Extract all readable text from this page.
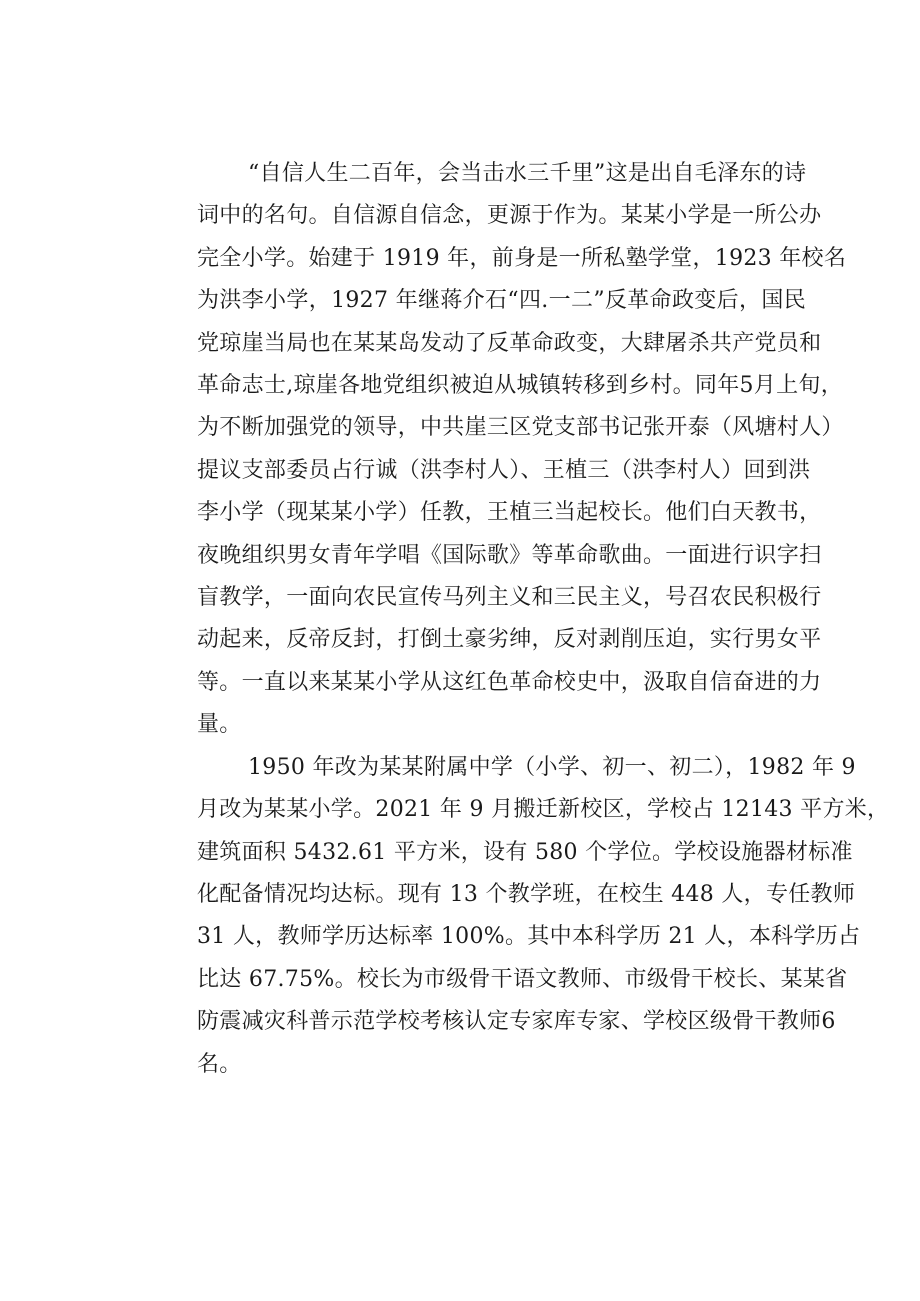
“自信人生二百年，会当击水三千里”这是出自毛泽东的诗
词中的名句。自信源自信念，更源于作为。某某小学是一所公办
完全小学。始建于 1919 年，前身是一所私塾学堂，1923 年校名
为洪李小学，1927 年继蒋介石“四.一二”反革命政变后，国民
党琼崖当局也在某某岛发动了反革命政变，大肆屠杀共产党员和
革命志士,琼崖各地党组织被迫从城镇转移到乡村。同年5月上旬，
为不断加强党的领导，中共崖三区党支部书记张开泰（风塘村人）
提议支部委员占行诚（洪李村人）、王植三（洪李村人）回到洪
李小学（现某某小学）任教，王植三当起校长。他们白天教书，
夜晚组织男女青年学唱《国际歌》等革命歌曲。一面进行识字扫
盲教学，一面向农民宣传马列主义和三民主义，号召农民积极行
动起来，反帝反封，打倒土豪劣绅，反对剥削压迫，实行男女平
等。一直以来某某小学从这红色革命校史中，汲取自信奋进的力
量。
1950 年改为某某附属中学（小学、初一、初二），1982 年 9
月改为某某小学。2021 年 9 月搬迁新校区，学校占 12143 平方米，
建筑面积 5432.61 平方米，设有 580 个学位。学校设施器材标准
化配备情况均达标。现有 13 个教学班，在校生 448 人，专任教师
31 人，教师学历达标率 100%。其中本科学历 21 人，本科学历占
比达 67.75%。校长为市级骨干语文教师、市级骨干校长、某某省
防震减灾科普示范学校考核认定专家库专家、学校区级骨干教师6
名。
